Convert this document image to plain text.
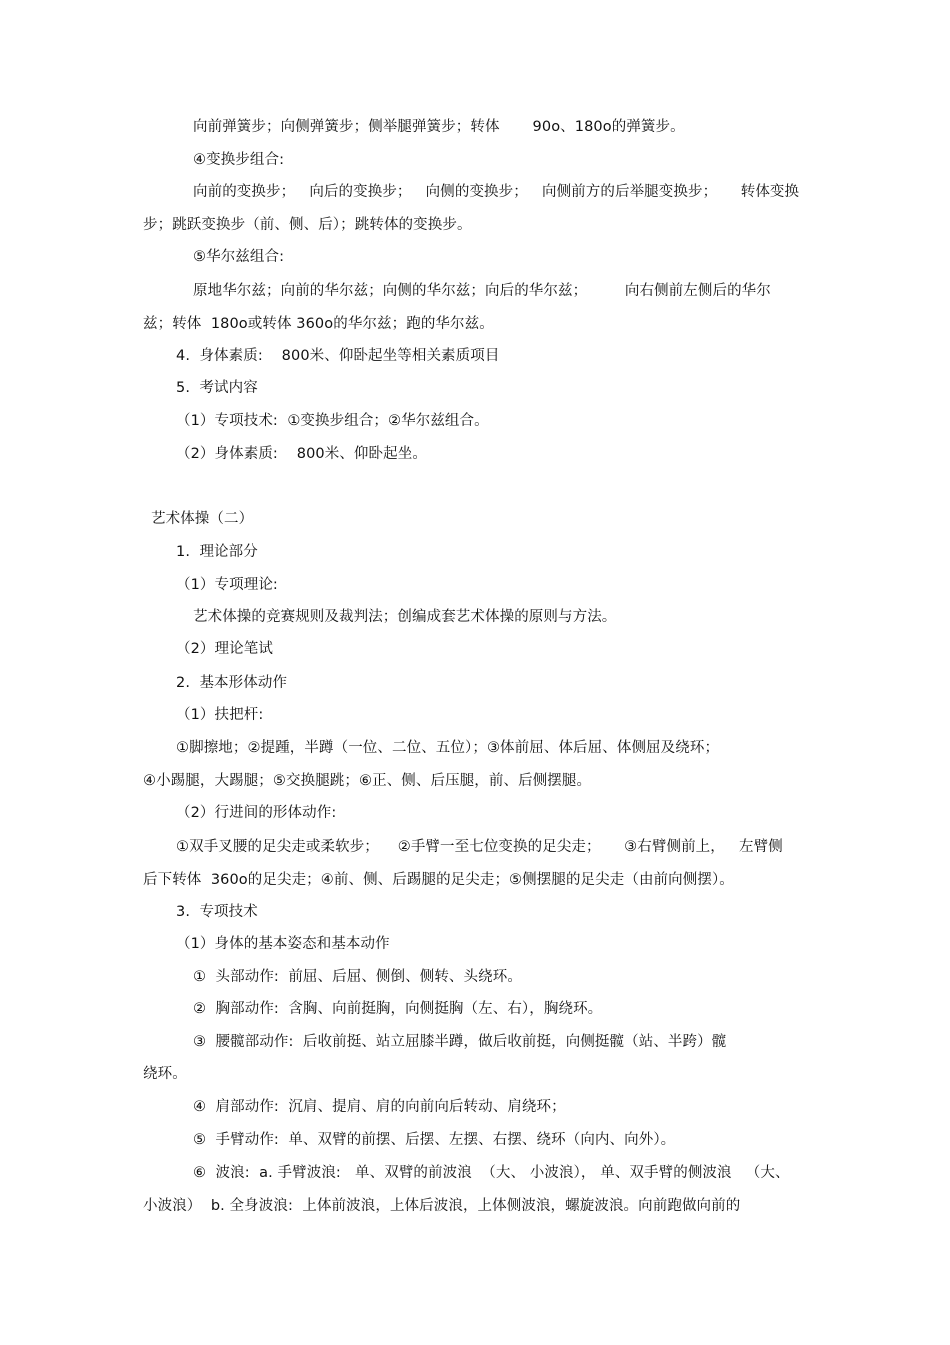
向前弹簧步；向侧弹簧步；侧举腿弹簧步；转体       90o、180o的弹簧步。
④变换步组合:
向前的变换步；   向后的变换步；   向侧的变换步；   向侧前方的后举腿变换步；     转体变换
步；跳跃变换步（前、侧、后）；跳转体的变换步。
⑤华尔兹组合:
原地华尔兹；向前的华尔兹；向侧的华尔兹；向后的华尔兹；        向右侧前左侧后的华尔
兹；转体  180o或转体 360o的华尔兹；跑的华尔兹。
4.  身体素质:    800米、仰卧起坐等相关素质项目
5.  考试内容
（1）专项技术:  ①变换步组合；②华尔兹组合。
（2）身体素质:    800米、仰卧起坐。
艺术体操（二）
1.  理论部分
（1）专项理论:
艺术体操的竞赛规则及裁判法；创编成套艺术体操的原则与方法。
（2）理论笔试
2.  基本形体动作
（1）扶把杆:
①脚擦地；②提踵，半蹲（一位、二位、五位）；③体前屈、体后屈、体侧屈及绕环；
④小踢腿，大踢腿；⑤交换腿跳；⑥正、侧、后压腿，前、后侧摆腿。
（2）行进间的形体动作:
①双手叉腰的足尖走或柔软步；    ②手臂一至七位变换的足尖走；     ③右臂侧前上，   左臂侧
后下转体  360o的足尖走；④前、侧、后踢腿的足尖走；⑤侧摆腿的足尖走（由前向侧摆）。
3.  专项技术
（1）身体的基本姿态和基本动作
①  头部动作:  前屈、后屈、侧倒、侧转、头绕环。
②  胸部动作:  含胸、向前挺胸，向侧挺胸（左、右），胸绕环。
③  腰髋部动作:  后收前挺、站立屈膝半蹲，做后收前挺，向侧挺髋（站、半跨）髋
绕环。
④  肩部动作:  沉肩、提肩、肩的向前向后转动、肩绕环；
⑤  手臂动作:  单、双臂的前摆、后摆、左摆、右摆、绕环（向内、向外）。
⑥  波浪:  a. 手臂波浪:   单、双臂的前波浪  （大、 小波浪）， 单、双手臂的侧波浪   （大、
小波浪）  b. 全身波浪:  上体前波浪，上体后波浪，上体侧波浪，螺旋波浪。向前跑做向前的
